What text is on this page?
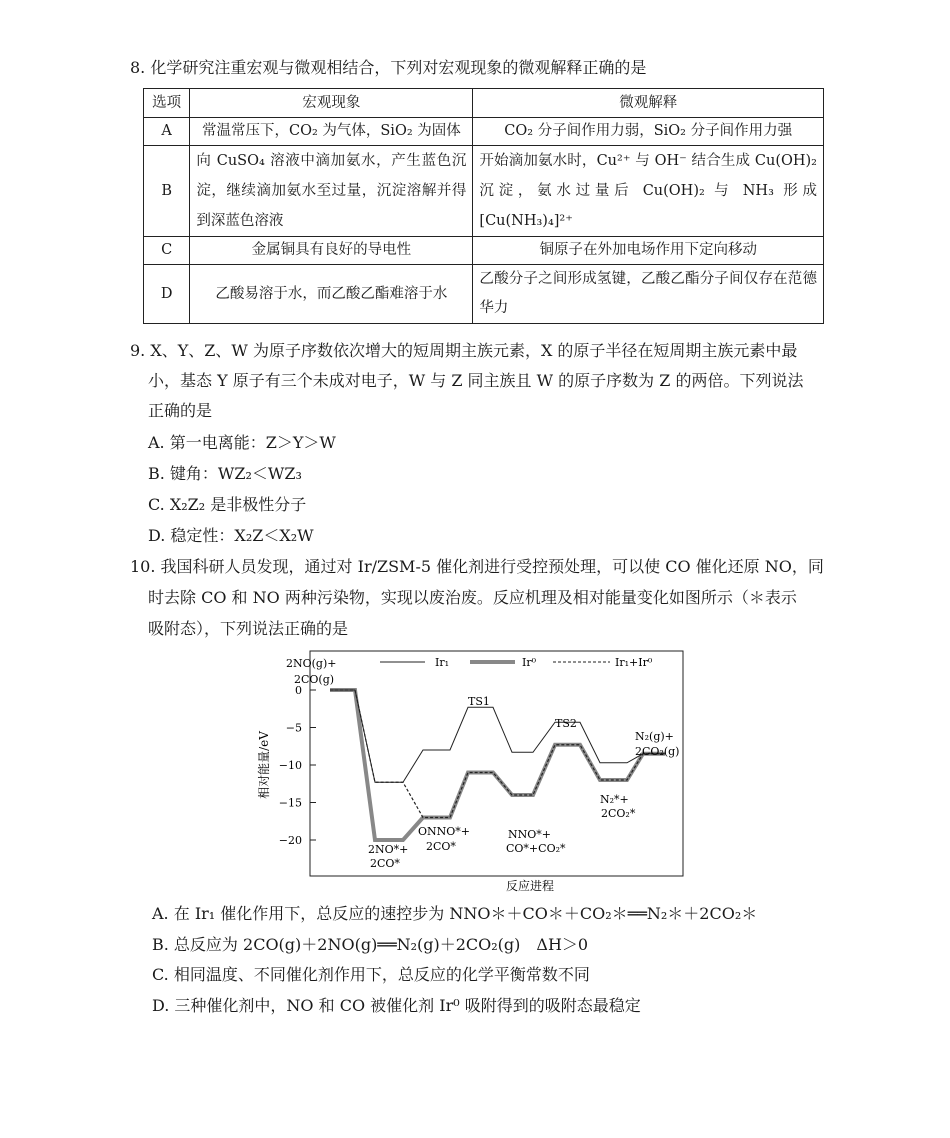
8. 化学研究注重宏观与微观相结合，下列对宏观现象的微观解释正确的是
选项	宏观现象	微观解释
A	常温常压下，CO₂ 为气体，SiO₂ 为固体	CO₂ 分子间作用力弱，SiO₂ 分子间作用力强
B	向 CuSO₄ 溶液中滴加氨水，产生蓝色沉淀，继续滴加氨水至过量，沉淀溶解并得到深蓝色溶液	开始滴加氨水时，Cu²⁺ 与 OH⁻ 结合生成 Cu(OH)₂ 沉淀，氨水过量后 Cu(OH)₂ 与 NH₃ 形成 [Cu(NH₃)₄]²⁺
C	金属铜具有良好的导电性	铜原子在外加电场作用下定向移动
D	乙酸易溶于水，而乙酸乙酯难溶于水	乙酸分子之间形成氢键，乙酸乙酯分子间仅存在范德华力
9. X、Y、Z、W 为原子序数依次增大的短周期主族元素，X 的原子半径在短周期主族元素中最
小，基态 Y 原子有三个未成对电子，W 与 Z 同主族且 W 的原子序数为 Z 的两倍。下列说法
正确的是
A. 第一电离能：Z＞Y＞W
B. 键角：WZ₂＜WZ₃
C. X₂Z₂ 是非极性分子
D. 稳定性：X₂Z＜X₂W
10. 我国科研人员发现，通过对 Ir/ZSM-5 催化剂进行受控预处理，可以使 CO 催化还原 NO，同
时去除 CO 和 NO 两种污染物，实现以废治废。反应机理及相对能量变化如图所示（＊表示
吸附态），下列说法正确的是
0
−5
−10
−15
−20
2NO(g)+
2CO(g)
TS1
TS2
N₂(g)+
2CO₂(g)
2NO*+
2CO*
ONNO*+
2CO*
NNO*+
CO*+CO₂*
N₂*+
2CO₂*
Ir₁	Ir⁰	Ir₁+Ir⁰
相对能量/eV
反应进程
A. 在 Ir₁ 催化作用下，总反应的速控步为 NNO＊＋CO＊＋CO₂＊══N₂＊＋2CO₂＊
B. 总反应为 2CO(g)＋2NO(g)══N₂(g)＋2CO₂(g)　ΔH＞0
C. 相同温度、不同催化剂作用下，总反应的化学平衡常数不同
D. 三种催化剂中，NO 和 CO 被催化剂 Ir⁰ 吸附得到的吸附态最稳定
